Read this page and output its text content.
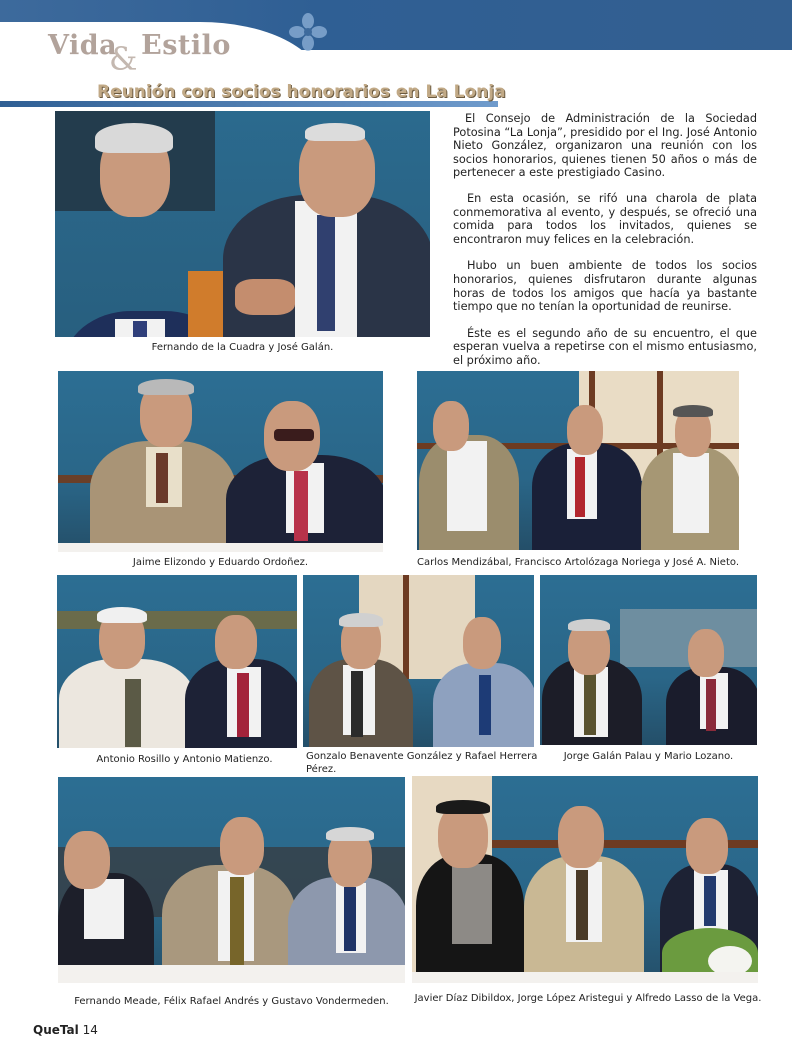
Vida Estilo
&
Reunión con socios honorarios en La Lonja
Fernando de la Cuadra y José Galán.

El Consejo de Administración de la Sociedad Potosina “La Lonja”, presidido por el Ing. José Antonio Nieto González, organizaron una reunión con los socios honorarios, quienes tienen 50 años o más de pertenecer a este prestigiado Casino.

En esta ocasión, se rifó una charola de plata conmemorativa al evento, y después, se ofreció una comida para todos los invitados, quienes se encontraron muy felices en la celebración.

Hubo un buen ambiente de todos los socios honorarios, quienes disfrutaron durante algunas horas de todos los amigos que hacía ya bastante tiempo que no tenían la oportunidad de reunirse.

Éste es el segundo año de su encuentro, el que esperan vuelva a repetirse con el mismo entusiasmo, el próximo año.

Jaime Elizondo y Eduardo Ordoñez.	Carlos Mendizábal, Francisco Artolózaga Noriega y José A. Nieto.
Antonio Rosillo y Antonio Matienzo.	Gonzalo Benavente González y Rafael Herrera Pérez.
Jorge Galán Palau y Mario Lozano.
Fernando Meade, Félix Rafael Andrés y Gustavo Vondermeden.	Javier Díaz Dibildox, Jorge López Aristegui y Alfredo Lasso de la Vega.
QueTal 14
